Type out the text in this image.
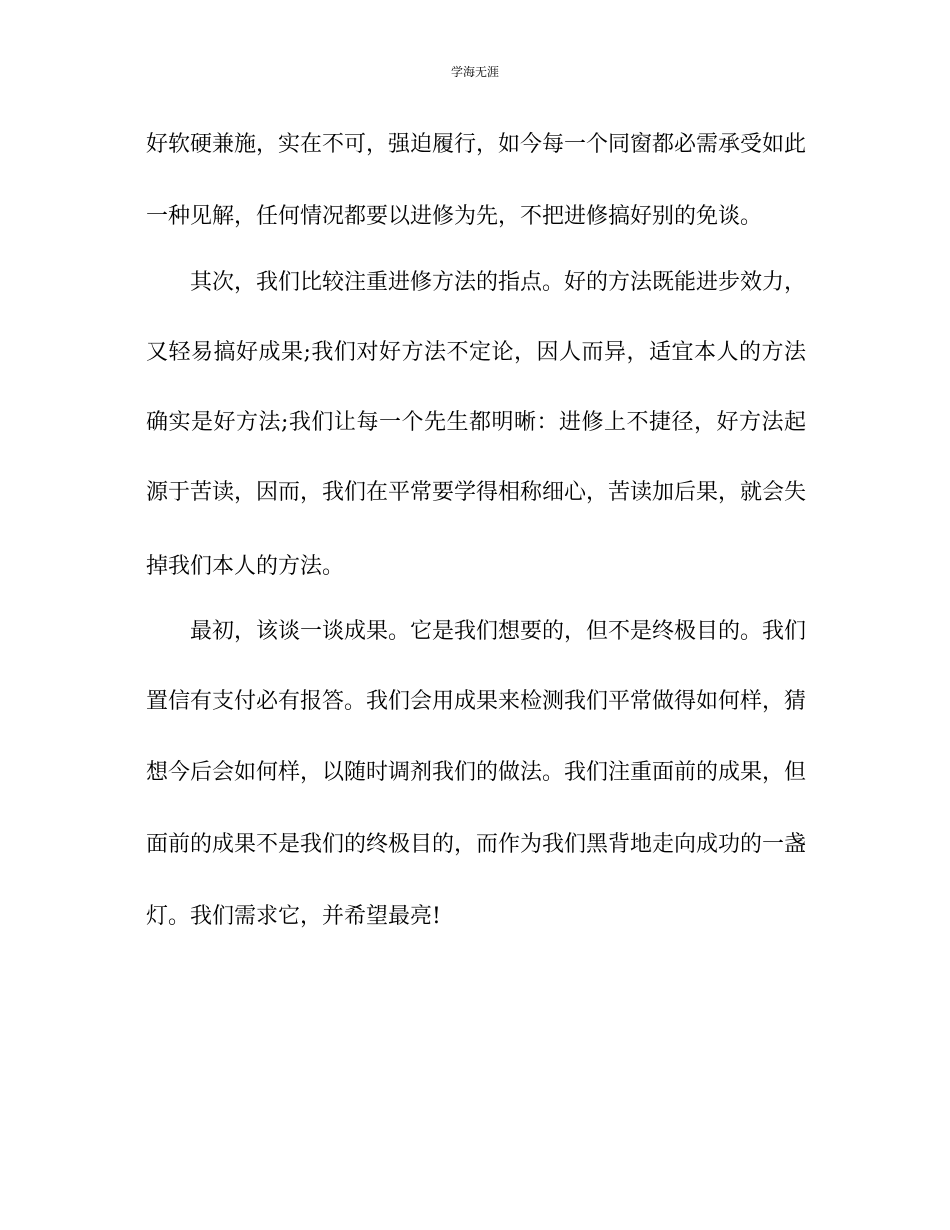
学海无涯
好软硬兼施，实在不可，强迫履行，如今每一个同窗都必需承受如此
一种见解，任何情况都要以进修为先，不把进修搞好别的免谈。
其次，我们比较注重进修方法的指点。好的方法既能进步效力，
又轻易搞好成果;我们对好方法不定论，因人而异，适宜本人的方法
确实是好方法;我们让每一个先生都明晰：进修上不捷径，好方法起
源于苦读，因而，我们在平常要学得相称细心，苦读加后果，就会失
掉我们本人的方法。
最初，该谈一谈成果。它是我们想要的，但不是终极目的。我们
置信有支付必有报答。我们会用成果来检测我们平常做得如何样，猜
想今后会如何样，以随时调剂我们的做法。我们注重面前的成果，但
面前的成果不是我们的终极目的，而作为我们黑背地走向成功的一盏
灯。我们需求它，并希望最亮!
